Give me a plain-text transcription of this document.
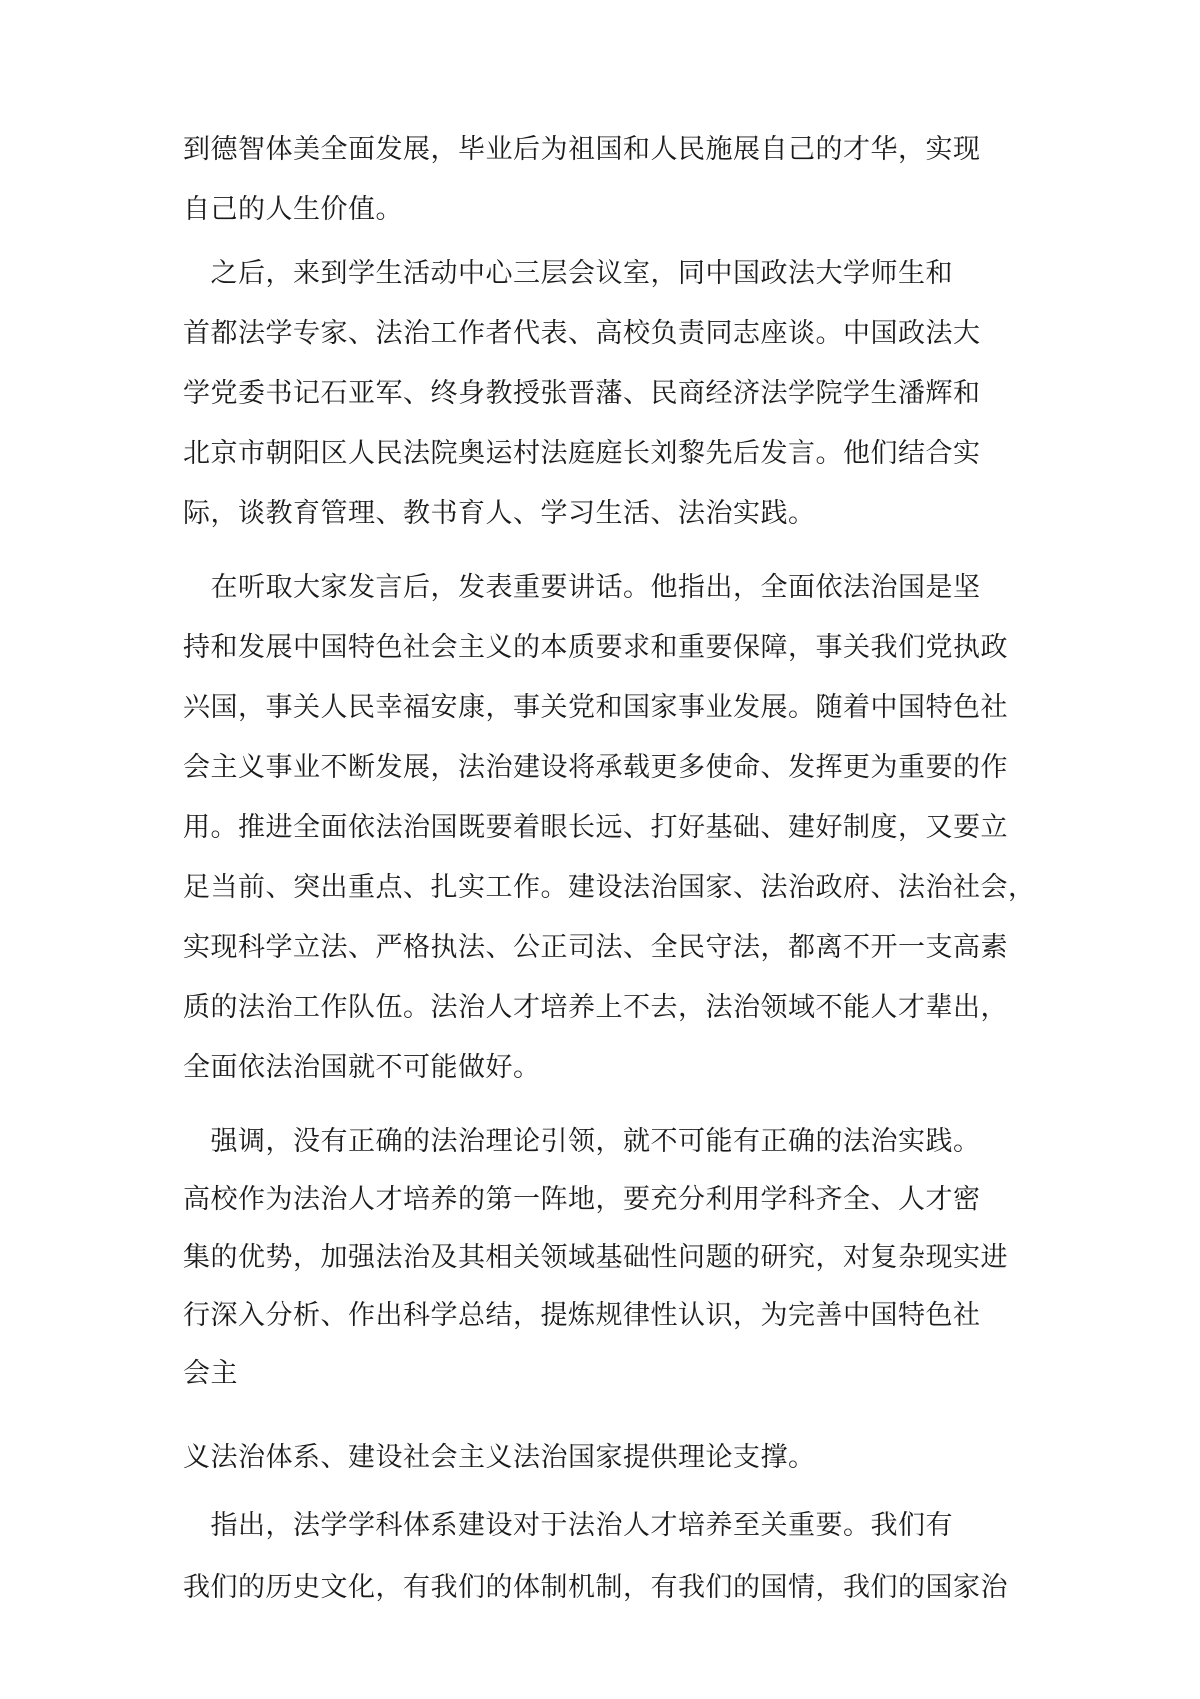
到德智体美全面发展，毕业后为祖国和人民施展自己的才华，实现
自己的人生价值。
　之后，来到学生活动中心三层会议室，同中国政法大学师生和
首都法学专家、法治工作者代表、高校负责同志座谈。中国政法大
学党委书记石亚军、终身教授张晋藩、民商经济法学院学生潘辉和
北京市朝阳区人民法院奥运村法庭庭长刘黎先后发言。他们结合实
际，谈教育管理、教书育人、学习生活、法治实践。
　在听取大家发言后，发表重要讲话。他指出，全面依法治国是坚
持和发展中国特色社会主义的本质要求和重要保障，事关我们党执政
兴国，事关人民幸福安康，事关党和国家事业发展。随着中国特色社
会主义事业不断发展，法治建设将承载更多使命、发挥更为重要的作
用。推进全面依法治国既要着眼长远、打好基础、建好制度，又要立
足当前、突出重点、扎实工作。建设法治国家、法治政府、法治社会，
实现科学立法、严格执法、公正司法、全民守法，都离不开一支高素
质的法治工作队伍。法治人才培养上不去，法治领域不能人才辈出，
全面依法治国就不可能做好。
　强调，没有正确的法治理论引领，就不可能有正确的法治实践。
高校作为法治人才培养的第一阵地，要充分利用学科齐全、人才密
集的优势，加强法治及其相关领域基础性问题的研究，对复杂现实进
行深入分析、作出科学总结，提炼规律性认识，为完善中国特色社
会主
义法治体系、建设社会主义法治国家提供理论支撑。
　指出，法学学科体系建设对于法治人才培养至关重要。我们有
我们的历史文化，有我们的体制机制，有我们的国情，我们的国家治
